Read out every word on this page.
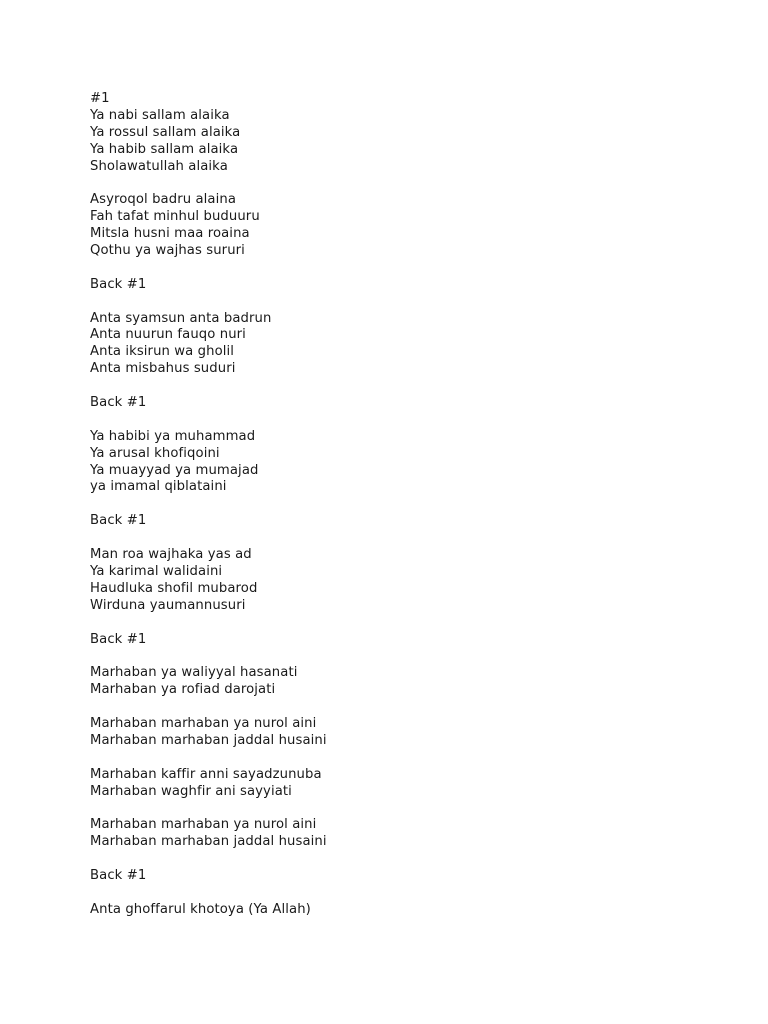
#1
Ya nabi sallam alaika
Ya rossul sallam alaika
Ya habib sallam alaika
Sholawatullah alaika
Asyroqol badru alaina
Fah tafat minhul buduuru
Mitsla husni maa roaina
Qothu ya wajhas sururi
Back #1
Anta syamsun anta badrun
Anta nuurun fauqo nuri
Anta iksirun wa gholil
Anta misbahus suduri
Back #1
Ya habibi ya muhammad
Ya arusal khofiqoini
Ya muayyad ya mumajad
ya imamal qiblataini
Back #1
Man roa wajhaka yas ad
Ya karimal walidaini
Haudluka shofil mubarod
Wirduna yaumannusuri
Back #1
Marhaban ya waliyyal hasanati
Marhaban ya rofiad darojati
Marhaban marhaban ya nurol aini
Marhaban marhaban jaddal husaini
Marhaban kaffir anni sayadzunuba
Marhaban waghfir ani sayyiati
Marhaban marhaban ya nurol aini
Marhaban marhaban jaddal husaini
Back #1
Anta ghoffarul khotoya (Ya Allah)
